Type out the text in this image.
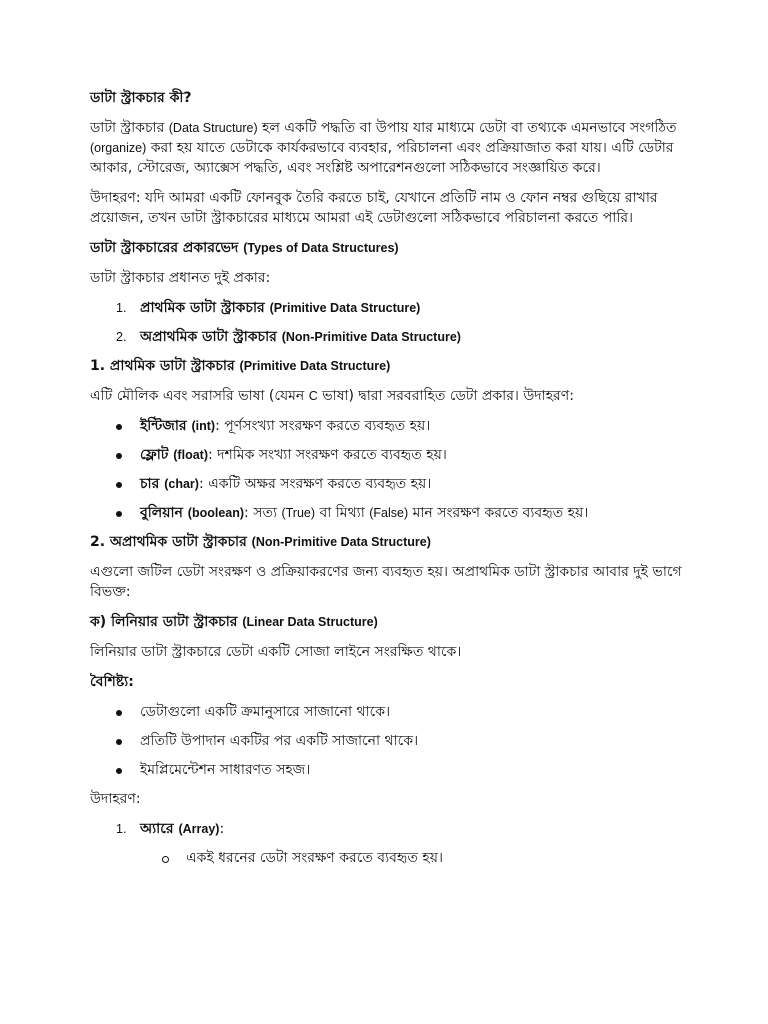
ডাটা স্ট্রাকচার কী?
ডাটা স্ট্রাকচার (Data Structure) হল একটি পদ্ধতি বা উপায় যার মাধ্যমে ডেটা বা তথ্যকে এমনভাবে সংগঠিত (organize) করা হয় যাতে ডেটাকে কার্যকরভাবে ব্যবহার, পরিচালনা এবং প্রক্রিয়াজাত করা যায়। এটি ডেটার আকার, স্টোরেজ, অ্যাক্সেস পদ্ধতি, এবং সংশ্লিষ্ট অপারেশনগুলো সঠিকভাবে সংজ্ঞায়িত করে।
উদাহরণ: যদি আমরা একটি ফোনবুক তৈরি করতে চাই, যেখানে প্রতিটি নাম ও ফোন নম্বর গুছিয়ে রাখার প্রয়োজন, তখন ডাটা স্ট্রাকচারের মাধ্যমে আমরা এই ডেটাগুলো সঠিকভাবে পরিচালনা করতে পারি।
ডাটা স্ট্রাকচারের প্রকারভেদ (Types of Data Structures)
ডাটা স্ট্রাকচার প্রধানত দুই প্রকার:
1. প্রাথমিক ডাটা স্ট্রাকচার (Primitive Data Structure)
2. অপ্রাথমিক ডাটা স্ট্রাকচার (Non-Primitive Data Structure)
1. প্রাথমিক ডাটা স্ট্রাকচার (Primitive Data Structure)
এটি মৌলিক এবং সরাসরি ভাষা (যেমন C ভাষা) দ্বারা সরবরাহিত ডেটা প্রকার। উদাহরণ:
ইন্টিজার (int): পূর্ণসংখ্যা সংরক্ষণ করতে ব্যবহৃত হয়।
ফ্লোট (float): দশমিক সংখ্যা সংরক্ষণ করতে ব্যবহৃত হয়।
চার (char): একটি অক্ষর সংরক্ষণ করতে ব্যবহৃত হয়।
বুলিয়ান (boolean): সত্য (True) বা মিথ্যা (False) মান সংরক্ষণ করতে ব্যবহৃত হয়।
2. অপ্রাথমিক ডাটা স্ট্রাকচার (Non-Primitive Data Structure)
এগুলো জটিল ডেটা সংরক্ষণ ও প্রক্রিয়াকরণের জন্য ব্যবহৃত হয়। অপ্রাথমিক ডাটা স্ট্রাকচার আবার দুই ভাগে বিভক্ত:
ক) লিনিয়ার ডাটা স্ট্রাকচার (Linear Data Structure)
লিনিয়ার ডাটা স্ট্রাকচারে ডেটা একটি সোজা লাইনে সংরক্ষিত থাকে।
বৈশিষ্ট্য:
ডেটাগুলো একটি ক্রমানুসারে সাজানো থাকে।
প্রতিটি উপাদান একটির পর একটি সাজানো থাকে।
ইমপ্লিমেন্টেশন সাধারণত সহজ।
উদাহরণ:
1. অ্যারে (Array):
একই ধরনের ডেটা সংরক্ষণ করতে ব্যবহৃত হয়।
